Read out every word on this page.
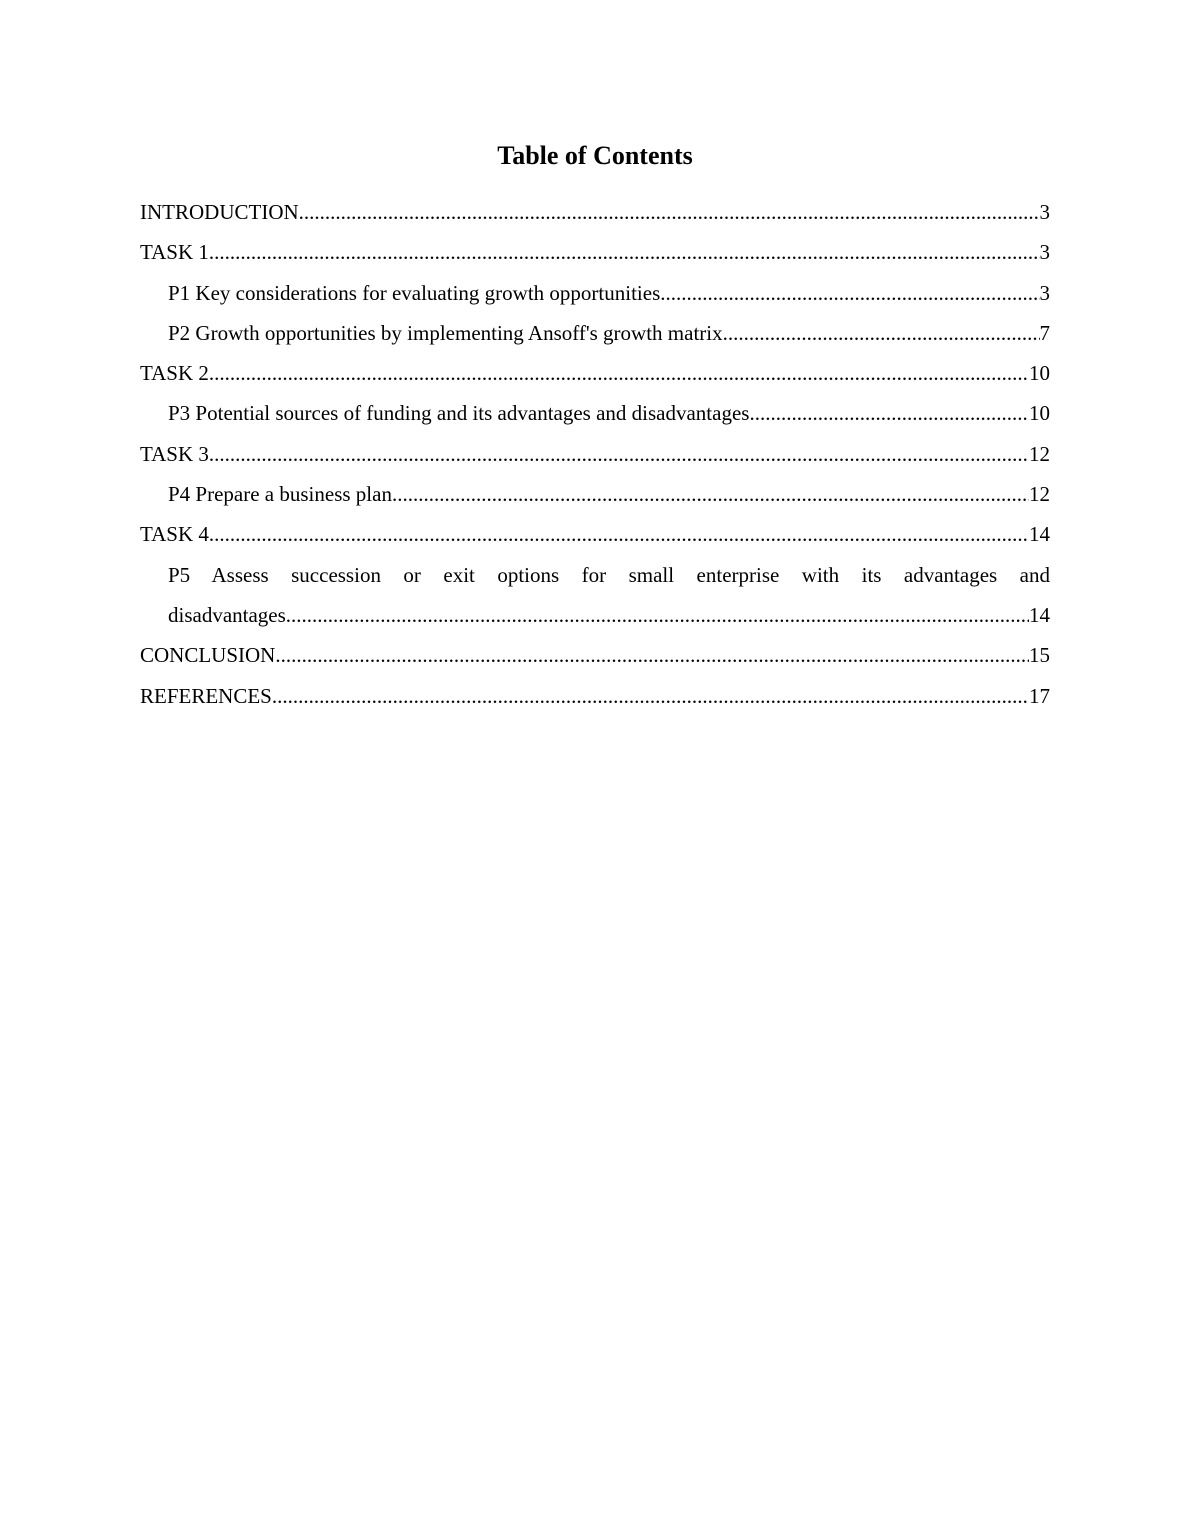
Table of Contents
INTRODUCTION .....	3
TASK 1 .....	3
P1 Key considerations for evaluating growth opportunities .....	3
P2 Growth opportunities by implementing Ansoff's growth matrix .....	7
TASK 2 .....	10
P3 Potential sources of funding and its advantages and disadvantages .....	10
TASK 3 .....	12
P4 Prepare a business plan .....	12
TASK 4 .....	14
P5 Assess succession or exit options for small enterprise with its advantages and
disadvantages .....	14
CONCLUSION .....	15
REFERENCES .....	17
